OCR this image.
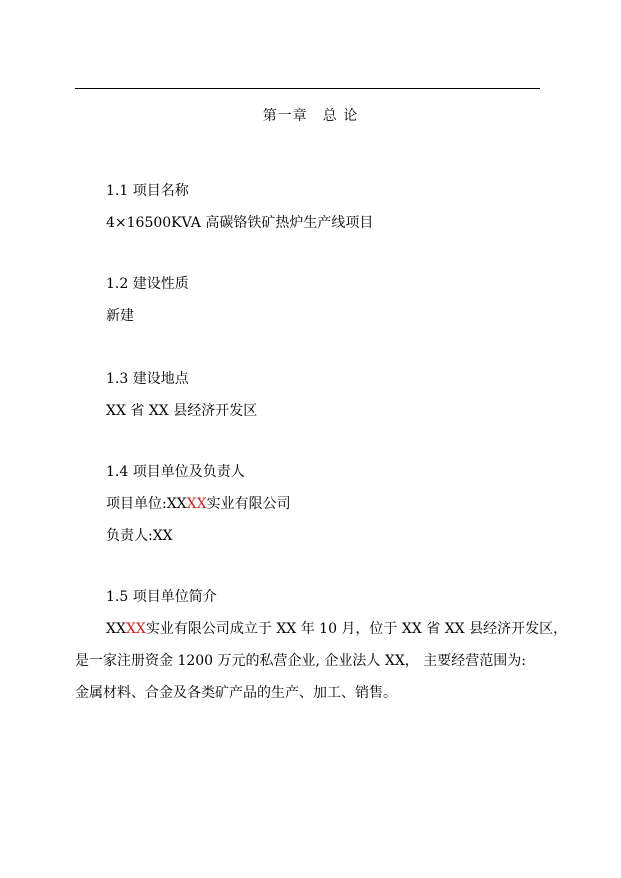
第一章　总 论
1.1 项目名称
4×16500KVA 高碳铬铁矿热炉生产线项目
1.2 建设性质
新建
1.3 建设地点
XX 省 XX 县经济开发区
1.4 项目单位及负责人
项目单位:XXXX实业有限公司
负责人:XX
1.5 项目单位简介
XXXX实业有限公司成立于 XX 年 10 月，位于 XX 省 XX 县经济开发区，
是一家注册资金 1200 万元的私营企业, 企业法人 XX， 主要经营范围为:
金属材料、合金及各类矿产品的生产、加工、销售。
